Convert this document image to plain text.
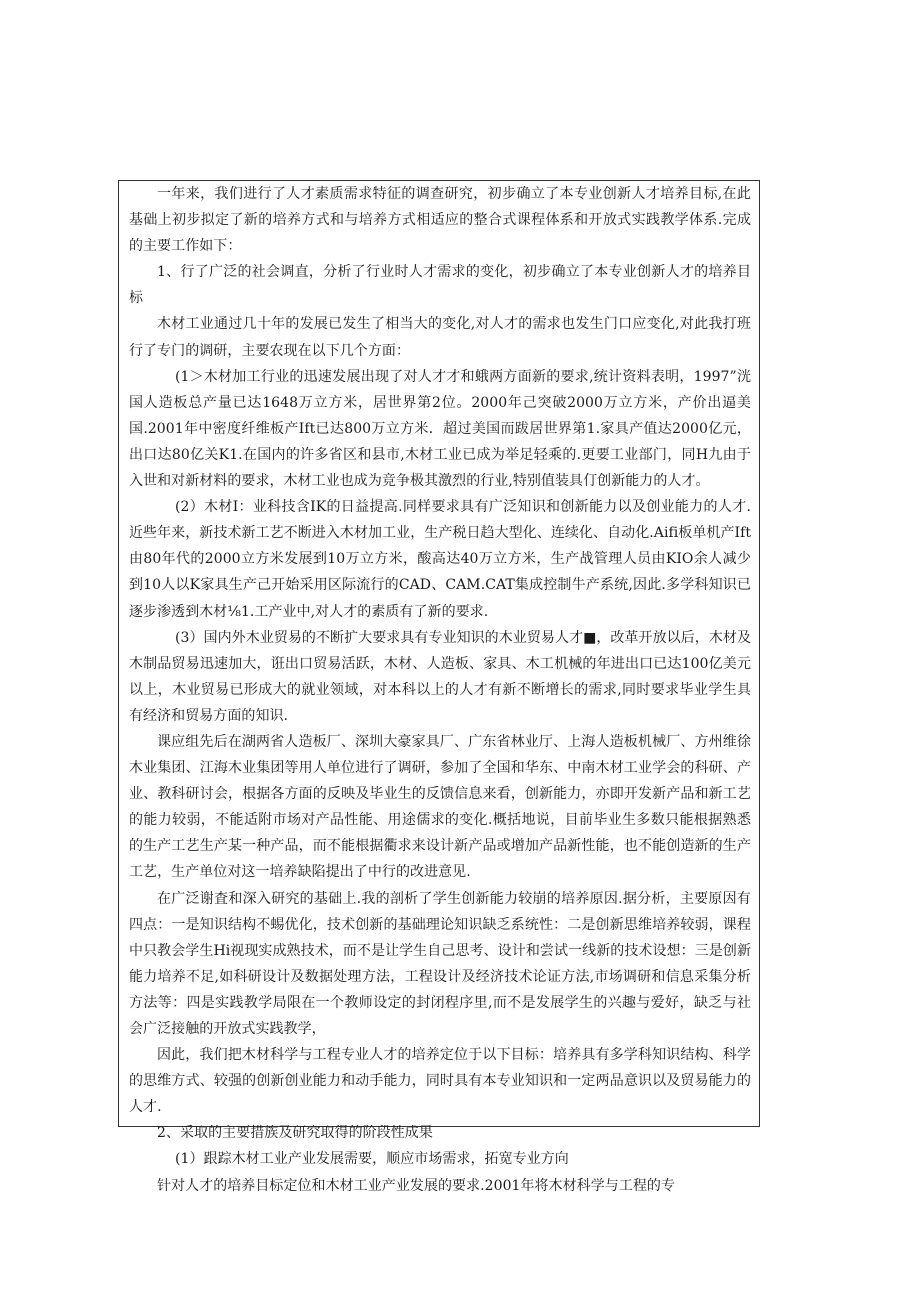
一年来，我们进行了人才素质需求特征的调查研究，初步确立了本专业创新人才培养目标,在此基础上初步拟定了新的培养方式和与培养方式相适应的整合式课程体系和开放式实践教学体系.完成的主要工作如下：

1、行了广泛的社会调直，分析了行业时人才需求的变化，初步确立了本专业创新人才的培养目标

木材工业通过几十年的发展已发生了相当大的变化,对人才的需求也发生门口应变化,对此我打班行了专门的调研，主要农现在以下几个方面：

(1＞木材加工行业的迅速发展出现了对人才才和蛾两方面新的要求,统计资料表明，1997”洸国人造板总产量已达1648万立方米，居世界第2位。2000年己突破2000万立方米，产价出逼美国.2001年中密度纤维板产Ift已达800万立方米．超过美国而跋居世界第1.家具产值达2000亿元，出口达80亿关K1.在国内的许多省区和县市,木材工业已成为举足轻乘的.更要工业部门，同H九由于入世和对新材料的要求，木材工业也成为竞争极其激烈的行业,特别值装具仃创新能力的人才。

(2）木材I：业科技含IK的日益提高.同样要求具有广泛知识和创新能力以及创业能力的人才.近些年来，新技术新工艺不断进入木材加工业，生产税日趋大型化、连续化、自动化.Aifi板单机产Ift由80年代的2000立方米发展到10万立方米，酸高达40万立方米，生产战管理人员由KIO余人减少到10人以K家具生产己开始采用区际流行的CAD、CAM.CAT集成控制牛产系统,因此.多学科知识已逐步渗透到木材⅛1.工产业中,对人才的素质有了新的要求.

(3）国内外木业贸易的不断扩大要求具有专业知识的木业贸易人才■，改革开放以后，木材及木制品贸易迅速加大，诳出口贸易活跃，木材、人造板、家具、木工机械的年进出口已达100亿美元以上，木业贸易已形成大的就业领域，对本科以上的人才有新不断增长的需求,同时要求毕业学生具有经济和贸易方面的知识.

课应组先后在湖两省人造板厂、深圳大豪家具厂、广东省林业厅、上海人造板机械厂、方州维徐木业集团、江海木业集团等用人单位进行了调研，参加了全国和华东、中南木材工业学会的科研、产业、教科研讨会，根据各方面的反映及毕业生的反馈信息来看，创新能力，亦即开发新产品和新工艺的能力较弱，不能适附市场对产品性能、用途儒求的变化.概括地说，目前毕业生多数只能根据熟悉的生产工艺生产某一种产品，而不能根据衢求来设计新产品或增加产品新性能，也不能创造新的生产工艺，生产单位对这一培养缺陷提出了中行的改进意见.

在广泛谢査和深入研究的基础上.我的剖析了学生创新能力较崩的培养原因.据分析，主要原因有四点：一是知识结构不蜴优化，技术创新的基础理论知识缺乏系统性：二是创新思维培养较弱，课程中只教会学生Hi视现实成熟技术，而不是让学生自己思考、设计和尝试一线新的技术设想：三是创新能力培养不足,如科研设计及数据处理方法，工程设计及经济技术论证方法,市场调研和信息采集分析方法等：四是实践教学局限在一个教师设定的封闭程序里,而不是发展学生的兴趣与爱好，缺乏与社会广泛接触的开放式实践教学，

因此，我们把木材科学与工程专业人才的培养定位于以下目标：培养具有多学科知识结构、科学的思维方式、较强的创新创业能力和动手能力，同时具有本专业知识和一定两品意识以及贸易能力的人才.

2、采取的主要措族及研究取得的阶段性成果

(1）跟踪木材工业产业发展需要，顺应市场需求，拓宽专业方向

针对人才的培养目标定位和木材工业产业发展的要求.2001年将木材科学与工程的专
